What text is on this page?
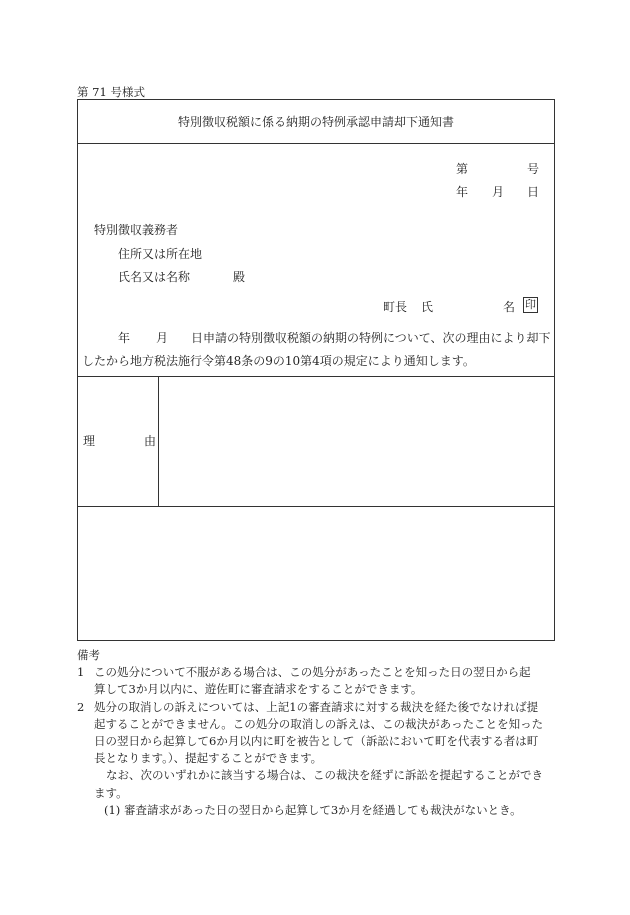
第 71 号様式
特別徴収税額に係る納期の特例承認申請却下通知書
第	号
年 月 日
特別徴収義務者
住所又は所在地
氏名又は名称	殿
町長 氏	名 印
年 月 日申請の特別徴収税額の納期の特例について、次の理由により却下
したから地方税法施行令第48条の9の10第4項の規定により通知します。
理	由
備考
1 この処分について不服がある場合は、この処分があったことを知った日の翌日から起
算して3か月以内に、遊佐町に審査請求をすることができます。
2 処分の取消しの訴えについては、上記1の審査請求に対する裁決を経た後でなければ提
起することができません。この処分の取消しの訴えは、この裁決があったことを知った
日の翌日から起算して6か月以内に町を被告として（訴訟において町を代表する者は町
長となります。）、提起することができます。
なお、次のいずれかに該当する場合は、この裁決を経ずに訴訟を提起することができ
ます。
(1) 審査請求があった日の翌日から起算して3か月を経過しても裁決がないとき。
